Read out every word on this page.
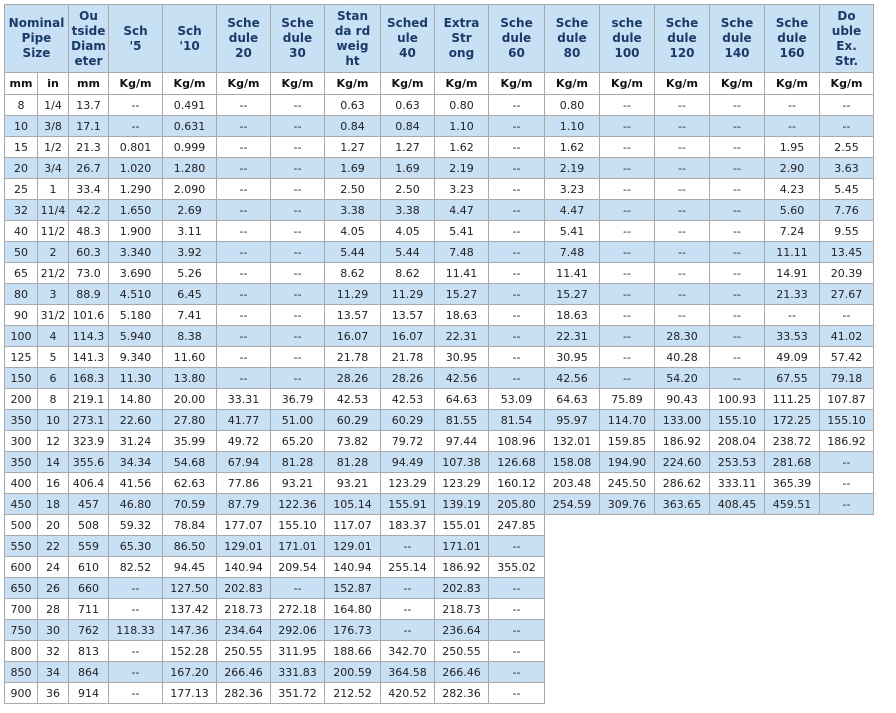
Nominal
Pipe
Size		Ou
tside
Diam
eter	Sch
'5	Sch
'10	Sche
dule
20	Sche
dule
30	Stan
da rd
weig
ht	Sched
ule
40	Extra
Str
ong	Sche
dule
60	Sche
dule
80	sche
dule
100	Sche
dule
120	Sche
dule
140	Sche
dule
160	Do
uble
Ex.
Str.
mm	in	mm	Kg/m	Kg/m	Kg/m	Kg/m	Kg/m	Kg/m	Kg/m	Kg/m	Kg/m	Kg/m	Kg/m	Kg/m	Kg/m	Kg/m
8	1/4	13.7	--	0.491	--	--	0.63	0.63	0.80	--	0.80	--	--	--	--	--
10	3/8	17.1	--	0.631	--	--	0.84	0.84	1.10	--	1.10	--	--	--	--	--
15	1/2	21.3	0.801	0.999	--	--	1.27	1.27	1.62	--	1.62	--	--	--	1.95	2.55
20	3/4	26.7	1.020	1.280	--	--	1.69	1.69	2.19	--	2.19	--	--	--	2.90	3.63
25	1	33.4	1.290	2.090	--	--	2.50	2.50	3.23	--	3.23	--	--	--	4.23	5.45
32	11/4	42.2	1.650	2.69	--	--	3.38	3.38	4.47	--	4.47	--	--	--	5.60	7.76
40	11/2	48.3	1.900	3.11	--	--	4.05	4.05	5.41	--	5.41	--	--	--	7.24	9.55
50	2	60.3	3.340	3.92	--	--	5.44	5.44	7.48	--	7.48	--	--	--	11.11	13.45
65	21/2	73.0	3.690	5.26	--	--	8.62	8.62	11.41	--	11.41	--	--	--	14.91	20.39
80	3	88.9	4.510	6.45	--	--	11.29	11.29	15.27	--	15.27	--	--	--	21.33	27.67
90	31/2	101.6	5.180	7.41	--	--	13.57	13.57	18.63	--	18.63	--	--	--	--	--
100	4	114.3	5.940	8.38	--	--	16.07	16.07	22.31	--	22.31	--	28.30	--	33.53	41.02
125	5	141.3	9.340	11.60	--	--	21.78	21.78	30.95	--	30.95	--	40.28	--	49.09	57.42
150	6	168.3	11.30	13.80	--	--	28.26	28.26	42.56	--	42.56	--	54.20	--	67.55	79.18
200	8	219.1	14.80	20.00	33.31	36.79	42.53	42.53	64.63	53.09	64.63	75.89	90.43	100.93	111.25	107.87
350	10	273.1	22.60	27.80	41.77	51.00	60.29	60.29	81.55	81.54	95.97	114.70	133.00	155.10	172.25	155.10
300	12	323.9	31.24	35.99	49.72	65.20	73.82	79.72	97.44	108.96	132.01	159.85	186.92	208.04	238.72	186.92
350	14	355.6	34.34	54.68	67.94	81.28	81.28	94.49	107.38	126.68	158.08	194.90	224.60	253.53	281.68	--
400	16	406.4	41.56	62.63	77.86	93.21	93.21	123.29	123.29	160.12	203.48	245.50	286.62	333.11	365.39	--
450	18	457	46.80	70.59	87.79	122.36	105.14	155.91	139.19	205.80	254.59	309.76	363.65	408.45	459.51	--
500	20	508	59.32	78.84	177.07	155.10	117.07	183.37	155.01	247.85						
550	22	559	65.30	86.50	129.01	171.01	129.01	--	171.01	--						
600	24	610	82.52	94.45	140.94	209.54	140.94	255.14	186.92	355.02						
650	26	660	--	127.50	202.83	--	152.87	--	202.83	--						
700	28	711	--	137.42	218.73	272.18	164.80	--	218.73	--						
750	30	762	118.33	147.36	234.64	292.06	176.73	--	236.64	--						
800	32	813	--	152.28	250.55	311.95	188.66	342.70	250.55	--						
850	34	864	--	167.20	266.46	331.83	200.59	364.58	266.46	--						
900	36	914	--	177.13	282.36	351.72	212.52	420.52	282.36	--						
